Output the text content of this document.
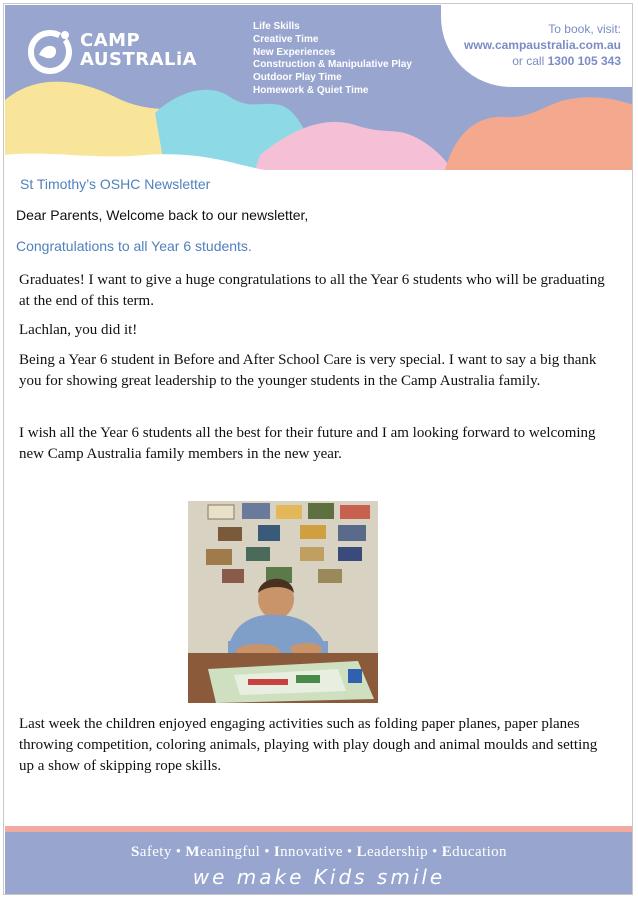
CAMP
AUSTRALiA
Life Skills
Creative Time
New Experiences
Construction & Manipulative Play
Outdoor Play Time
Homework & Quiet Time
To book, visit:
www.campaustralia.com.au
or call 1300 105 343
St Timothy’s OSHC Newsletter
Dear Parents, Welcome back to our newsletter,
Congratulations to all Year 6 students.

Graduates! I want to give a huge congratulations to all the Year 6 students who will be graduating at the end of this term.

Lachlan, you did it!

Being a Year 6 student in Before and After School Care is very special. I want to say a big thank you for showing great leadership to the younger students in the Camp Australia family.

I wish all the Year 6 students all the best for their future and I am looking forward to welcoming new Camp Australia family members in the new year.

Last week the children enjoyed engaging activities such as folding paper planes, paper planes throwing competition, coloring animals, playing with play dough and animal moulds and setting up a show of skipping rope skills.

Safety • Meaningful • Innovative • Leadership • Education
we make Kids smile
